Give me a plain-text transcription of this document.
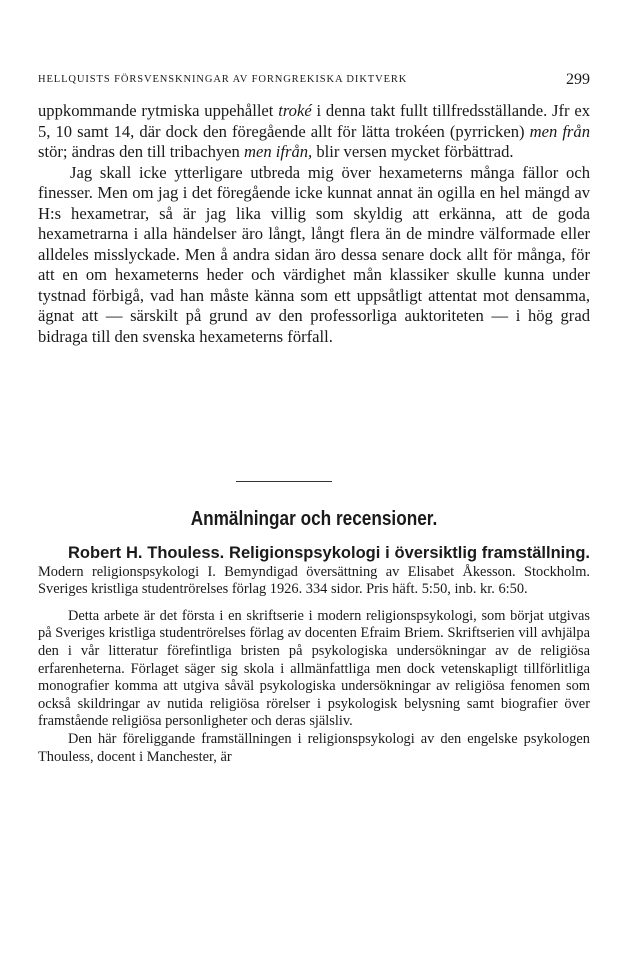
HELLQUISTS FÖRSVENSKNINGAR AV FORNGREKISKA DIKTVERK	299

uppkommande rytmiska uppehållet troké i denna takt fullt tillfredsställande. Jfr ex 5, 10 samt 14, där dock den föregående allt för lätta trokéen (pyrricken) men från stör; ändras den till tribachyen men ifrån, blir versen mycket förbättrad.

Jag skall icke ytterligare utbreda mig över hexameterns många fällor och finesser. Men om jag i det föregående icke kunnat annat än ogilla en hel mängd av H:s hexametrar, så är jag lika villig som skyldig att erkänna, att de goda hexametrarna i alla händelser äro långt, långt flera än de mindre välformade eller alldeles misslyckade. Men å andra sidan äro dessa senare dock allt för många, för att en om hexameterns heder och värdighet mån klassiker skulle kunna under tystnad förbigå, vad han måste känna som ett uppsåtligt attentat mot densamma, ägnat att — särskilt på grund av den professorliga auktoriteten — i hög grad bidraga till den svenska hexameterns förfall.

Anmälningar och recensioner.

Robert H. Thouless. Religionspsykologi i översiktlig framställning. Modern religionspsykologi I. Bemyndigad översättning av Elisabet Åkesson. Stockholm. Sveriges kristliga studentrörelses förlag 1926. 334 sidor. Pris häft. 5:50, inb. kr. 6:50.

Detta arbete är det första i en skriftserie i modern religionspsykologi, som börjat utgivas på Sveriges kristliga studentrörelses förlag av docenten Efraim Briem. Skriftserien vill avhjälpa den i vår litteratur förefintliga bristen på psykologiska undersökningar av de religiösa erfarenheterna. Förlaget säger sig skola i allmänfattliga men dock vetenskapligt tillförlitliga monografier komma att utgiva såväl psykologiska undersökningar av religiösa fenomen som också skildringar av nutida religiösa rörelser i psykologisk belysning samt biografier över framstående religiösa personligheter och deras själsliv.

Den här föreliggande framställningen i religionspsykologi av den engelske psykologen Thouless, docent i Manchester, är
